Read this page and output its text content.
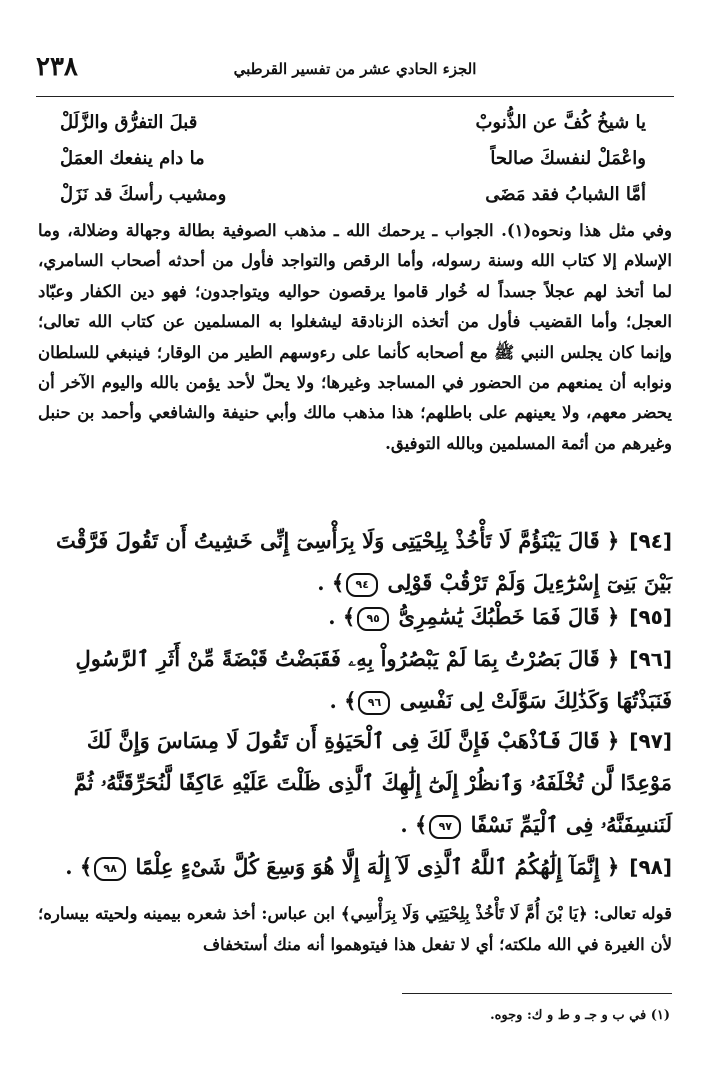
٢٣٨	الجزء الحادي عشر من تفسير القرطبي
يا شيخُ كُفَّ عن الذُّنوبْ
قبلَ التفرُّق والزَّلَلْ
واعْمَلْ لنفسكَ صالحاً
ما دام ينفعك العمَلْ
أمَّا الشبابُ فقد مَضَى
ومشيب رأسكَ قد نَزَلْ
وفي مثل هذا ونحوه(١). الجواب ـ يرحمك الله ـ مذهب الصوفية بطالة وجهالة وضلالة، وما الإسلام إلا كتاب الله وسنة رسوله، وأما الرقص والتواجد فأول من أحدثه أصحاب السامري، لما أتخذ لهم عجلاً جسداً له خُوار قاموا يرقصون حواليه ويتواجدون؛ فهو دين الكفار وعبّاد العجل؛ وأما القضيب فأول من أتخذه الزنادقة ليشغلوا به المسلمين عن كتاب الله تعالى؛ وإنما كان يجلس النبي ﷺ مع أصحابه كأنما على رءوسهم الطير من الوقار؛ فينبغي للسلطان ونوابه أن يمنعهم من الحضور في المساجد وغيرها؛ ولا يحلّ لأحد يؤمن بالله واليوم الآخر أن يحضر معهم، ولا يعينهم على باطلهم؛ هذا مذهب مالك وأبي حنيفة والشافعي وأحمد بن حنبل وغيرهم من أئمة المسلمين وبالله التوفيق.
[٩٤]﴿ قَالَ يَبْنَؤُمَّ لَا تَأْخُذْ بِلِحْيَتِى وَلَا بِرَأْسِىٓ إِنِّى خَشِيتُ أَن تَقُولَ فَرَّقْتَ بَيْنَ بَنِىٓ إِسْرَٰٓءِيلَ وَلَمْ تَرْقُبْ قَوْلِى ٩٤﴾ .
[٩٥]﴿ قَالَ فَمَا خَطْبُكَ يَٰسَٰمِرِىُّ ٩٥﴾ .
[٩٦]﴿ قَالَ بَصُرْتُ بِمَا لَمْ يَبْصُرُواْ بِهِۦ فَقَبَضْتُ قَبْضَةً مِّنْ أَثَرِ ٱلرَّسُولِ فَنَبَذْتُهَا وَكَذَٰلِكَ سَوَّلَتْ لِى نَفْسِى ٩٦﴾ .
[٩٧]﴿ قَالَ فَٱذْهَبْ فَإِنَّ لَكَ فِى ٱلْحَيَوٰةِ أَن تَقُولَ لَا مِسَاسَ وَإِنَّ لَكَ مَوْعِدًا لَّن تُخْلَفَهُۥ وَٱنظُرْ إِلَىٰٓ إِلَٰهِكَ ٱلَّذِى ظَلْتَ عَلَيْهِ عَاكِفًا لَّنُحَرِّقَنَّهُۥ ثُمَّ لَنَنسِفَنَّهُۥ فِى ٱلْيَمِّ نَسْفًا ٩٧﴾ .
[٩٨]﴿ إِنَّمَآ إِلَٰهُكُمُ ٱللَّهُ ٱلَّذِى لَآ إِلَٰهَ إِلَّا هُوَ وَسِعَ كُلَّ شَىْءٍ عِلْمًا ٩٨﴾ .
قوله تعالى: ﴿يَا بْنَ أُمَّ لَا تَأْخُذْ بِلِحْيَتِي وَلَا بِرَأْسِي﴾ ابن عباس: أخذ شعره بيمينه ولحيته بيساره؛ لأن الغيرة في الله ملكته؛ أي لا تفعل هذا فيتوهموا أنه منك أستخفاف
(١) في ب و جـ و ط و ك: وجوه.
